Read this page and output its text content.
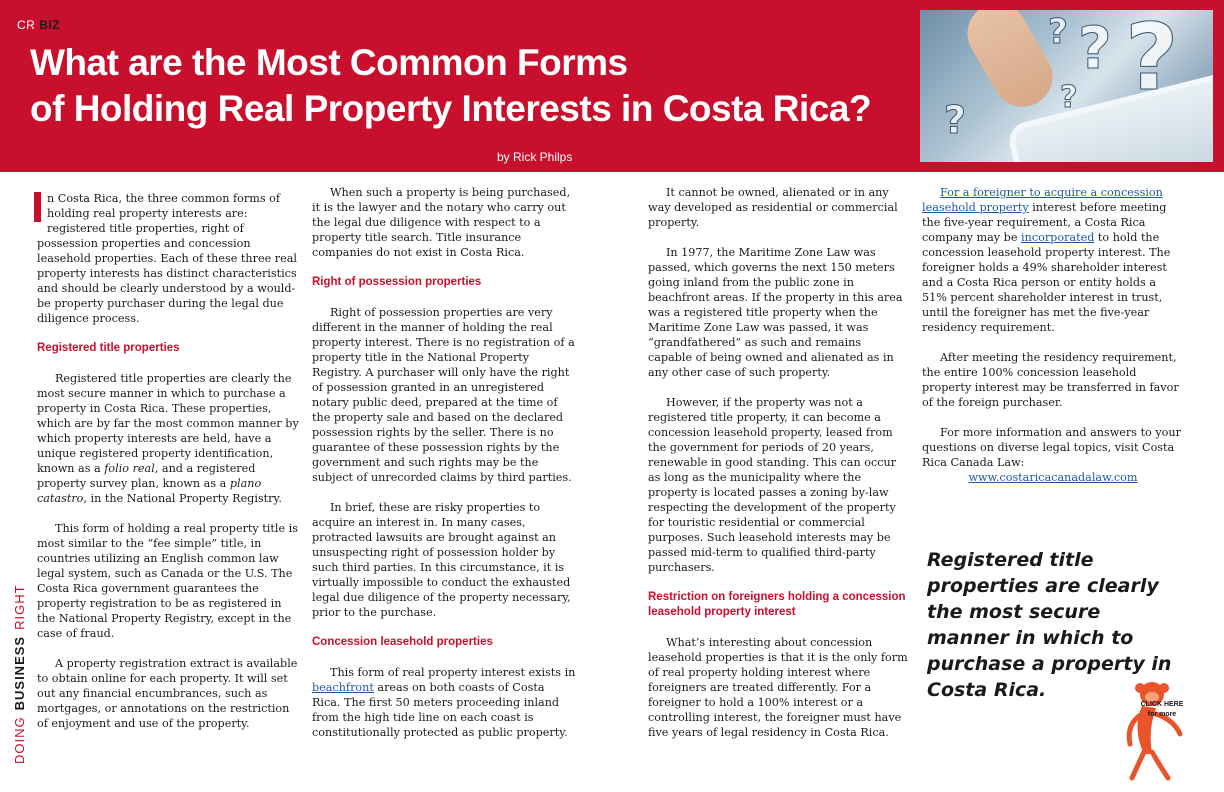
CR BIZ
What are the Most Common Forms
of Holding Real Property Interests in Costa Rica?
by Rick Philps
?
?
?
?
?

n Costa Rica, the three common forms of holding real property interests are: registered title properties, right of possession properties and concession leasehold properties. Each of these three real property interests has distinct characteristics and should be clearly understood by a would-be property purchaser during the legal due diligence process.

Registered title properties

Registered title properties are clearly the most secure manner in which to purchase a property in Costa Rica. These properties, which are by far the most common manner by which property interests are held, have a unique registered property identification, known as a folio real, and a registered property survey plan, known as a plano catastro, in the National Property Registry.

This form of holding a real property title is most similar to the “fee simple” title, in countries utilizing an English common law legal system, such as Canada or the U.S. The Costa Rica government guarantees the property registration to be as registered in the National Property Registry, except in the case of fraud.

A property registration extract is available to obtain online for each property. It will set out any financial encumbrances, such as mortgages, or annotations on the restriction of enjoyment and use of the property.

When such a property is being purchased, it is the lawyer and the notary who carry out the legal due diligence with respect to a property title search. Title insurance companies do not exist in Costa Rica.

Right of possession properties

Right of possession properties are very different in the manner of holding the real property interest. There is no registration of a property title in the National Property Registry. A purchaser will only have the right of possession granted in an unregistered notary public deed, prepared at the time of the property sale and based on the declared possession rights by the seller. There is no guarantee of these possession rights by the government and such rights may be the subject of unrecorded claims by third parties.

In brief, these are risky properties to acquire an interest in. In many cases, protracted lawsuits are brought against an unsuspecting right of possession holder by such third parties. In this circumstance, it is virtually impossible to conduct the exhausted legal due diligence of the property necessary, prior to the purchase.

Concession leasehold properties

This form of real property interest exists in beachfront areas on both coasts of Costa Rica. The first 50 meters proceeding inland from the high tide line on each coast is constitutionally protected as public property.

It cannot be owned, alienated or in any way developed as residential or commercial property.

In 1977, the Maritime Zone Law was passed, which governs the next 150 meters going inland from the public zone in beachfront areas. If the property in this area was a registered title property when the Maritime Zone Law was passed, it was “grandfathered” as such and remains capable of being owned and alienated as in any other case of such property.

However, if the property was not a registered title property, it can become a concession leasehold property, leased from the government for periods of 20 years, renewable in good standing. This can occur as long as the municipality where the property is located passes a zoning by-law respecting the development of the property for touristic residential or commercial purposes. Such leasehold interests may be passed mid-term to qualified third-party purchasers.

Restriction on foreigners holding a concession leasehold property interest

What’s interesting about concession leasehold properties is that it is the only form of real property holding interest where foreigners are treated differently. For a foreigner to hold a 100% interest or a controlling interest, the foreigner must have five years of legal residency in Costa Rica.

For a foreigner to acquire a concession leasehold property interest before meeting the five-year requirement, a Costa Rica company may be incorporated to hold the concession leasehold property interest. The foreigner holds a 49% shareholder interest and a Costa Rica person or entity holds a 51% percent shareholder interest in trust, until the foreigner has met the five-year residency requirement.

After meeting the residency requirement, the entire 100% concession leasehold property interest may be transferred in favor of the foreign purchaser.

For more information and answers to your questions on diverse legal topics, visit Costa Rica Canada Law:

www.costaricacanadalaw.com

Registered title properties are clearly the most secure manner in which to purchase a property in Costa Rica.
DOINGBUSINESSRIGHT
CLICK HERE
for more
